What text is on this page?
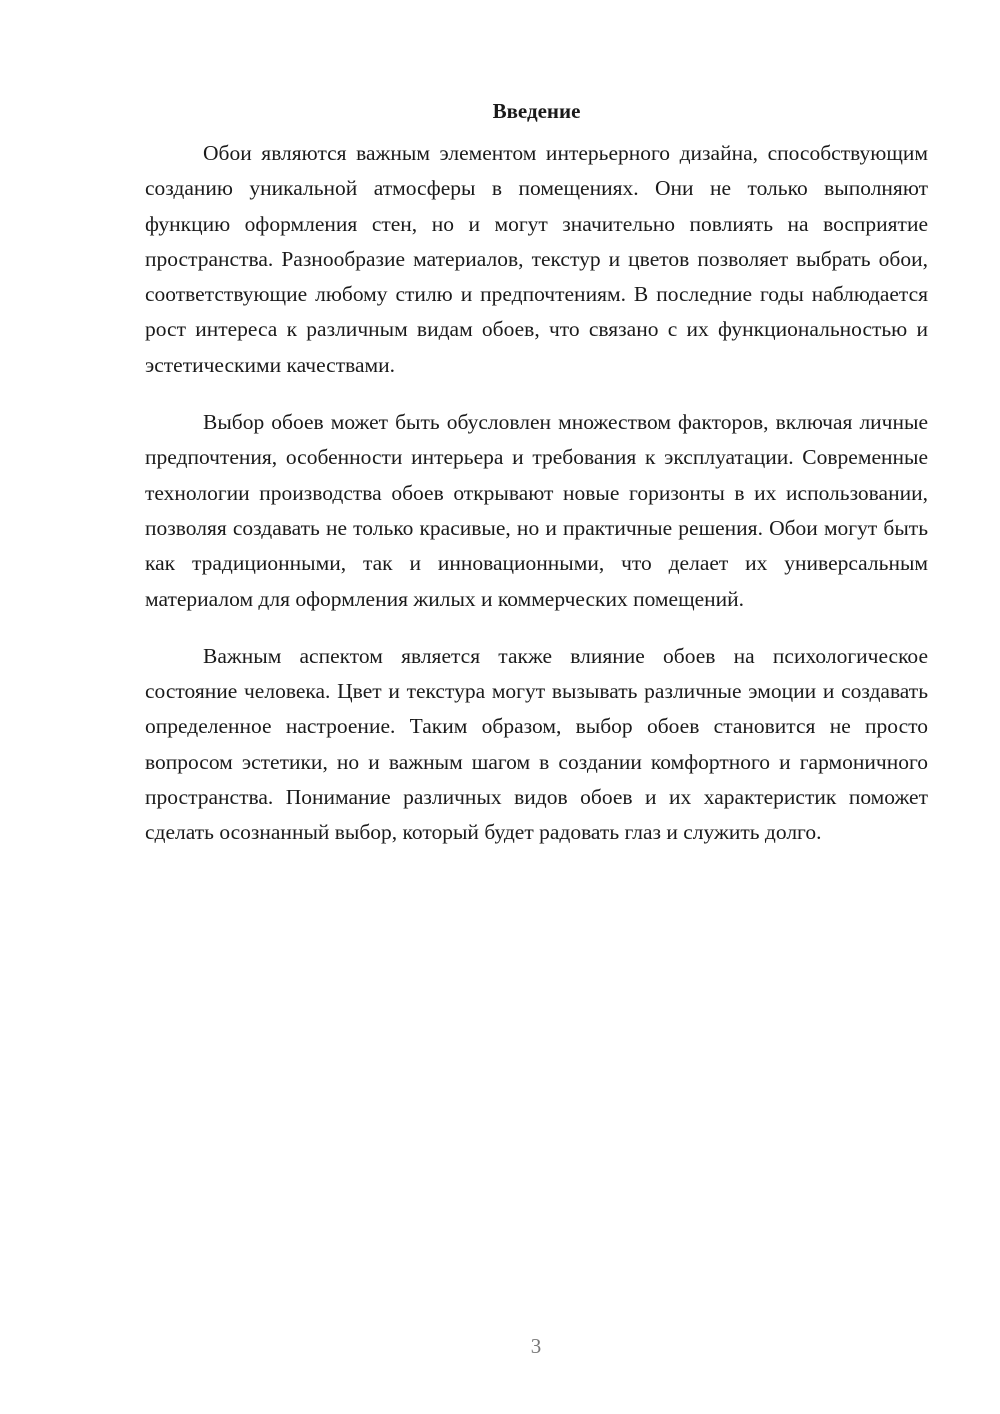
Введение

Обои являются важным элементом интерьерного дизайна, способствующим созданию уникальной атмосферы в помещениях. Они не только выполняют функцию оформления стен, но и могут значительно повлиять на восприятие пространства. Разнообразие материалов, текстур и цветов позволяет выбрать обои, соответствующие любому стилю и предпочтениям. В последние годы наблюдается рост интереса к различным видам обоев, что связано с их функциональностью и эстетическими качествами.

Выбор обоев может быть обусловлен множеством факторов, включая личные предпочтения, особенности интерьера и требования к эксплуатации. Современные технологии производства обоев открывают новые горизонты в их использовании, позволяя создавать не только красивые, но и практичные решения. Обои могут быть как традиционными, так и инновационными, что делает их универсальным материалом для оформления жилых и коммерческих помещений.

Важным аспектом является также влияние обоев на психологическое состояние человека. Цвет и текстура могут вызывать различные эмоции и создавать определенное настроение. Таким образом, выбор обоев становится не просто вопросом эстетики, но и важным шагом в создании комфортного и гармоничного пространства. Понимание различных видов обоев и их характеристик поможет сделать осознанный выбор, который будет радовать глаз и служить долго.

3
